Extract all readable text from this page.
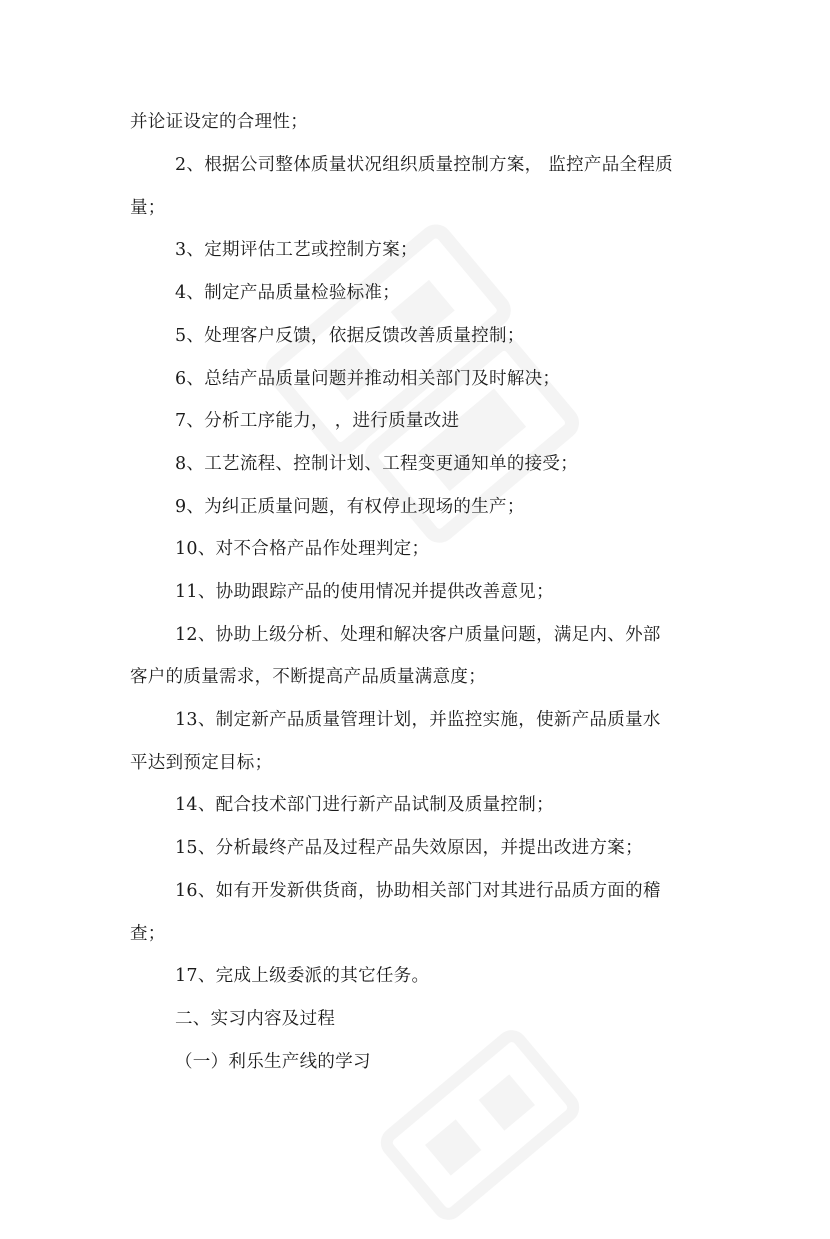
并论证设定的合理性；
2、根据公司整体质量状况组织质量控制方案， 监控产品全程质
量；
3、定期评估工艺或控制方案；
4、制定产品质量检验标准；
5、处理客户反馈，依据反馈改善质量控制；
6、总结产品质量问题并推动相关部门及时解决；
7、分析工序能力， ，进行质量改进
8、工艺流程、控制计划、工程变更通知单的接受；
9、为纠正质量问题，有权停止现场的生产；
10、对不合格产品作处理判定；
11、协助跟踪产品的使用情况并提供改善意见；
12、协助上级分析、处理和解决客户质量问题，满足内、外部
客户的质量需求，不断提高产品质量满意度；
13、制定新产品质量管理计划，并监控实施，使新产品质量水
平达到预定目标；
14、配合技术部门进行新产品试制及质量控制；
15、分析最终产品及过程产品失效原因，并提出改进方案；
16、如有开发新供货商，协助相关部门对其进行品质方面的稽
查；
17、完成上级委派的其它任务。
二、实习内容及过程
（一）利乐生产线的学习
